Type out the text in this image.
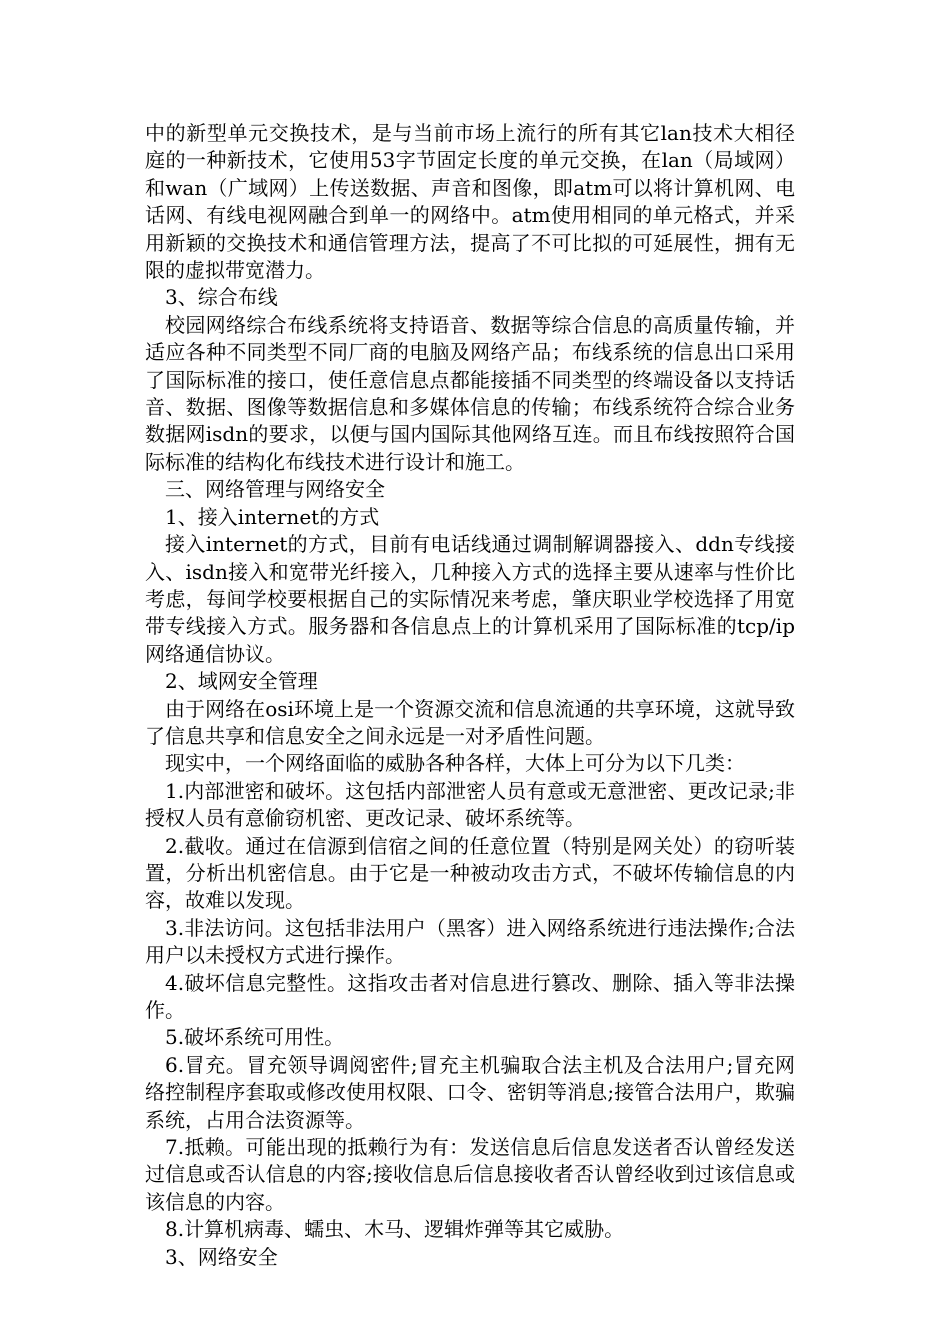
中的新型单元交换技术，是与当前市场上流行的所有其它lan技术大相径庭的一种新技术，它使用53字节固定长度的单元交换，在lan（局域网）和wan（广域网）上传送数据、声音和图像，即atm可以将计算机网、电话网、有线电视网融合到单一的网络中。atm使用相同的单元格式，并采用新颖的交换技术和通信管理方法，提高了不可比拟的可延展性，拥有无限的虚拟带宽潜力。

3、综合布线

校园网络综合布线系统将支持语音、数据等综合信息的高质量传输，并适应各种不同类型不同厂商的电脑及网络产品；布线系统的信息出口采用了国际标准的接口，使任意信息点都能接插不同类型的终端设备以支持话音、数据、图像等数据信息和多媒体信息的传输；布线系统符合综合业务数据网isdn的要求，以便与国内国际其他网络互连。而且布线按照符合国际标准的结构化布线技术进行设计和施工。

三、网络管理与网络安全

1、接入internet的方式

接入internet的方式，目前有电话线通过调制解调器接入、ddn专线接入、isdn接入和宽带光纤接入，几种接入方式的选择主要从速率与性价比考虑，每间学校要根据自己的实际情况来考虑，肇庆职业学校选择了用宽带专线接入方式。服务器和各信息点上的计算机采用了国际标准的tcp/ip网络通信协议。

2、域网安全管理

由于网络在osi环境上是一个资源交流和信息流通的共享环境，这就导致了信息共享和信息安全之间永远是一对矛盾性问题。

现实中，一个网络面临的威胁各种各样，大体上可分为以下几类：

1.内部泄密和破坏。这包括内部泄密人员有意或无意泄密、更改记录;非授权人员有意偷窃机密、更改记录、破坏系统等。

2.截收。通过在信源到信宿之间的任意位置（特别是网关处）的窃听装置，分析出机密信息。由于它是一种被动攻击方式，不破坏传输信息的内容，故难以发现。

3.非法访问。这包括非法用户（黑客）进入网络系统进行违法操作;合法用户以未授权方式进行操作。

4.破坏信息完整性。这指攻击者对信息进行篡改、删除、插入等非法操作。

5.破坏系统可用性。

6.冒充。冒充领导调阅密件;冒充主机骗取合法主机及合法用户;冒充网络控制程序套取或修改使用权限、口令、密钥等消息;接管合法用户，欺骗系统，占用合法资源等。

7.抵赖。可能出现的抵赖行为有：发送信息后信息发送者否认曾经发送过信息或否认信息的内容;接收信息后信息接收者否认曾经收到过该信息或该信息的内容。

8.计算机病毒、蠕虫、木马、逻辑炸弹等其它威胁。

3、网络安全
